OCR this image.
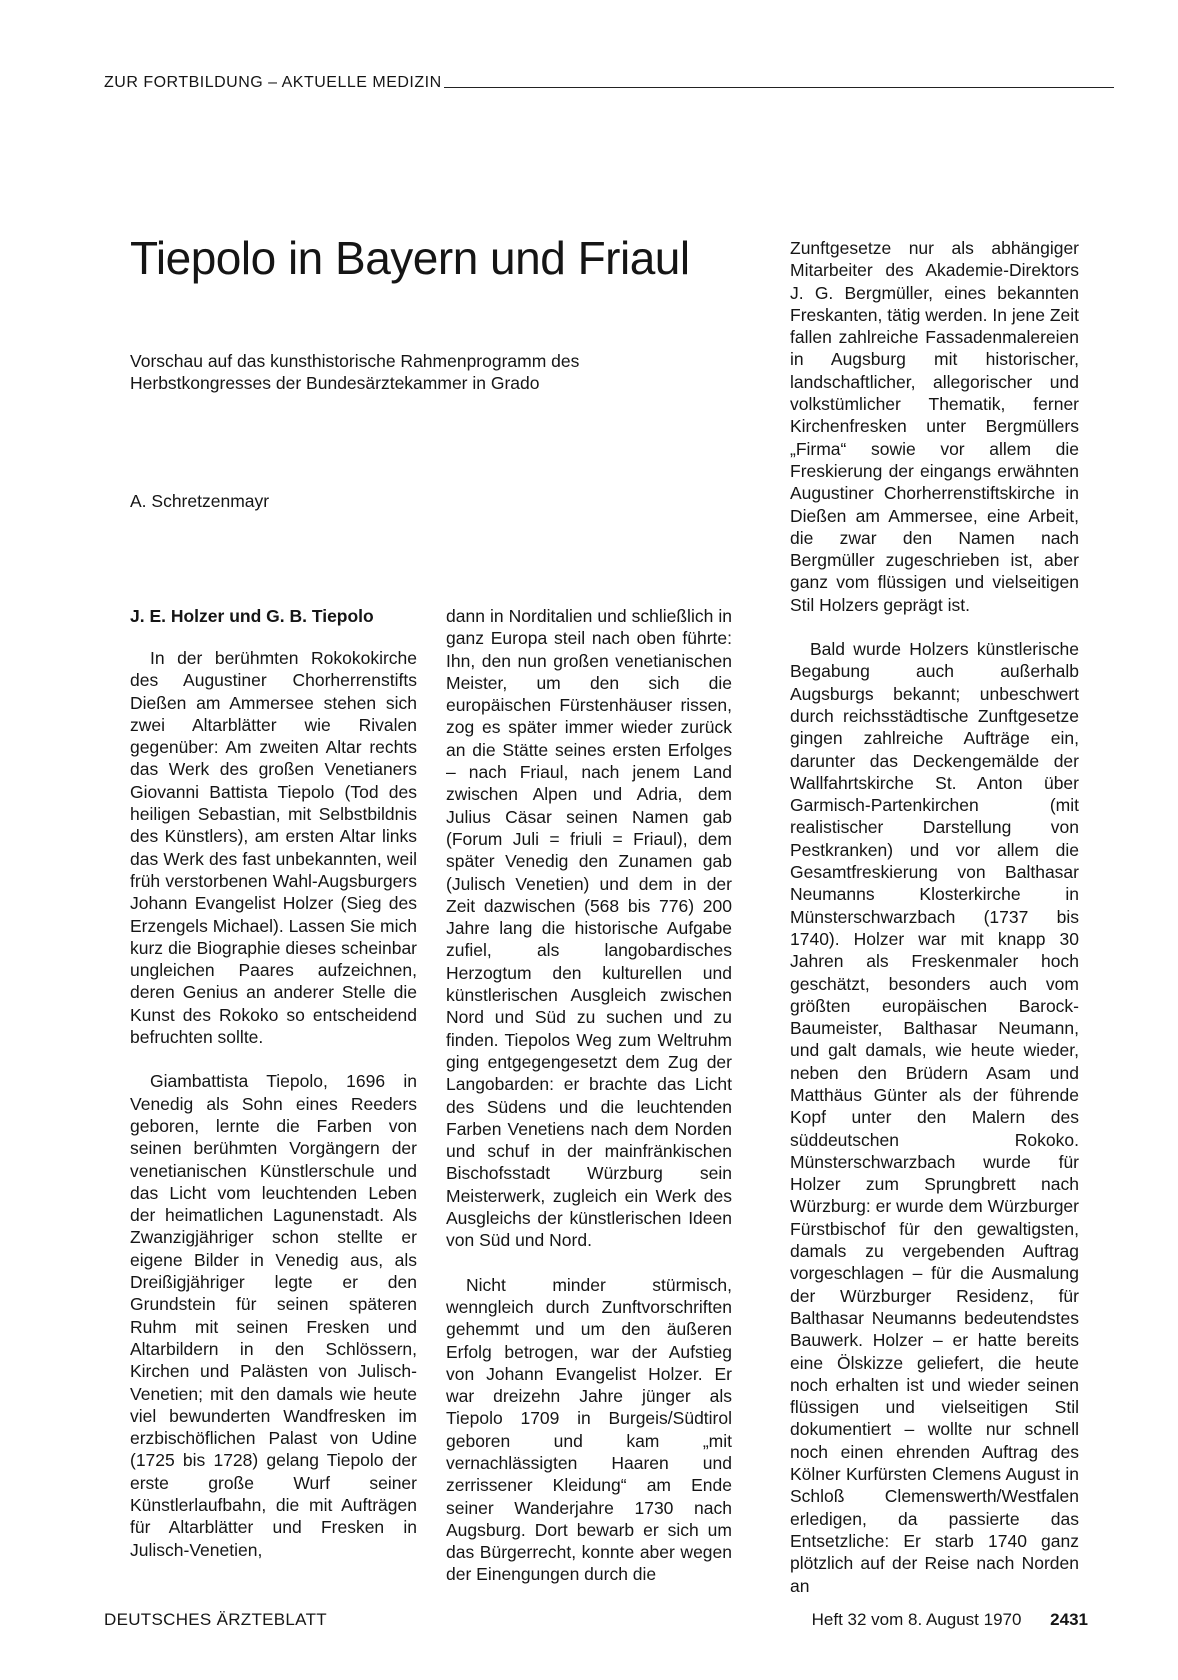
ZUR FORTBILDUNG – AKTUELLE MEDIZIN
Tiepolo in Bayern und Friaul
Vorschau auf das kunsthistorische Rahmenprogramm des
Herbstkongresses der Bundesärztekammer in Grado
A. Schretzenmayr
J. E. Holzer und G. B. Tiepolo

In der berühmten Rokokokirche des Augustiner Chorherrenstifts Dießen am Ammersee stehen sich zwei Altarblätter wie Rivalen gegenüber: Am zweiten Altar rechts das Werk des großen Venetianers Giovanni Battista Tiepolo (Tod des heiligen Sebastian, mit Selbstbildnis des Künstlers), am ersten Altar links das Werk des fast unbekannten, weil früh verstorbenen Wahl-Augsburgers Johann Evangelist Holzer (Sieg des Erzengels Michael). Lassen Sie mich kurz die Biographie dieses scheinbar ungleichen Paares aufzeichnen, deren Genius an anderer Stelle die Kunst des Rokoko so entscheidend befruchten sollte.

Giambattista Tiepolo, 1696 in Venedig als Sohn eines Reeders geboren, lernte die Farben von seinen berühmten Vorgängern der venetianischen Künstlerschule und das Licht vom leuchtenden Leben der heimatlichen Lagunenstadt. Als Zwanzigjähriger schon stellte er eigene Bilder in Venedig aus, als Dreißigjähriger legte er den Grundstein für seinen späteren Ruhm mit seinen Fresken und Altarbildern in den Schlössern, Kirchen und Palästen von Julisch-Venetien; mit den damals wie heute viel bewunderten Wandfresken im erzbischöflichen Palast von Udine (1725 bis 1728) gelang Tiepolo der erste große Wurf seiner Künstlerlaufbahn, die mit Aufträgen für Altarblätter und Fresken in Julisch-Venetien,

dann in Norditalien und schließlich in ganz Europa steil nach oben führte: Ihn, den nun großen venetianischen Meister, um den sich die europäischen Fürstenhäuser rissen, zog es später immer wieder zurück an die Stätte seines ersten Erfolges – nach Friaul, nach jenem Land zwischen Alpen und Adria, dem Julius Cäsar seinen Namen gab (Forum Juli = friuli = Friaul), dem später Venedig den Zunamen gab (Julisch Venetien) und dem in der Zeit dazwischen (568 bis 776) 200 Jahre lang die historische Aufgabe zufiel, als langobardisches Herzogtum den kulturellen und künstlerischen Ausgleich zwischen Nord und Süd zu suchen und zu finden. Tiepolos Weg zum Weltruhm ging entgegengesetzt dem Zug der Langobarden: er brachte das Licht des Südens und die leuchtenden Farben Venetiens nach dem Norden und schuf in der mainfränkischen Bischofsstadt Würzburg sein Meisterwerk, zugleich ein Werk des Ausgleichs der künstlerischen Ideen von Süd und Nord.

Nicht minder stürmisch, wenngleich durch Zunftvorschriften gehemmt und um den äußeren Erfolg betrogen, war der Aufstieg von Johann Evangelist Holzer. Er war dreizehn Jahre jünger als Tiepolo 1709 in Burgeis/Südtirol geboren und kam „mit vernachlässigten Haaren und zerrissener Kleidung“ am Ende seiner Wanderjahre 1730 nach Augsburg. Dort bewarb er sich um das Bürgerrecht, konnte aber wegen der Einengungen durch die

Zunftgesetze nur als abhängiger Mitarbeiter des Akademie-Direktors J. G. Bergmüller, eines bekannten Freskanten, tätig werden. In jene Zeit fallen zahlreiche Fassadenmalereien in Augsburg mit historischer, landschaftlicher, allegorischer und volkstümlicher Thematik, ferner Kirchenfresken unter Bergmüllers „Firma“ sowie vor allem die Freskierung der eingangs erwähnten Augustiner Chorherrenstiftskirche in Dießen am Ammersee, eine Arbeit, die zwar den Namen nach Bergmüller zugeschrieben ist, aber ganz vom flüssigen und vielseitigen Stil Holzers geprägt ist.

Bald wurde Holzers künstlerische Begabung auch außerhalb Augsburgs bekannt; unbeschwert durch reichsstädtische Zunftgesetze gingen zahlreiche Aufträge ein, darunter das Deckengemälde der Wallfahrtskirche St. Anton über Garmisch-Partenkirchen (mit realistischer Darstellung von Pestkranken) und vor allem die Gesamtfreskierung von Balthasar Neumanns Klosterkirche in Münsterschwarzbach (1737 bis 1740). Holzer war mit knapp 30 Jahren als Freskenmaler hoch geschätzt, besonders auch vom größten europäischen Barock-Baumeister, Balthasar Neumann, und galt damals, wie heute wieder, neben den Brüdern Asam und Matthäus Günter als der führende Kopf unter den Malern des süddeutschen Rokoko. Münsterschwarzbach wurde für Holzer zum Sprungbrett nach Würzburg: er wurde dem Würzburger Fürstbischof für den gewaltigsten, damals zu vergebenden Auftrag vorgeschlagen – für die Ausmalung der Würzburger Residenz, für Balthasar Neumanns bedeutendstes Bauwerk. Holzer – er hatte bereits eine Ölskizze geliefert, die heute noch erhalten ist und wieder seinen flüssigen und vielseitigen Stil dokumentiert – wollte nur schnell noch einen ehrenden Auftrag des Kölner Kurfürsten Clemens August in Schloß Clemenswerth/Westfalen erledigen, da passierte das Entsetzliche: Er starb 1740 ganz plötzlich auf der Reise nach Norden an

DEUTSCHES ÄRZTEBLATT	Heft 32 vom 8. August 1970 2431
